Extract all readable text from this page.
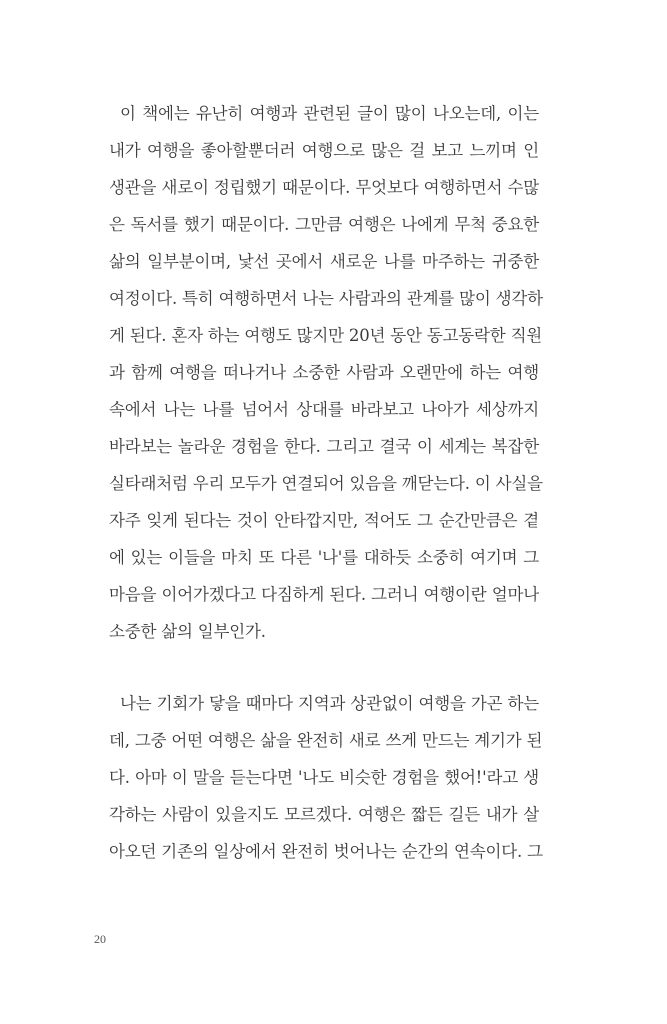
이 책에는 유난히 여행과 관련된 글이 많이 나오는데, 이는
내가 여행을 좋아할뿐더러 여행으로 많은 걸 보고 느끼며 인
생관을 새로이 정립했기 때문이다. 무엇보다 여행하면서 수많
은 독서를 했기 때문이다. 그만큼 여행은 나에게 무척 중요한
삶의 일부분이며, 낯선 곳에서 새로운 나를 마주하는 귀중한
여정이다. 특히 여행하면서 나는 사람과의 관계를 많이 생각하
게 된다. 혼자 하는 여행도 많지만 20년 동안 동고동락한 직원
과 함께 여행을 떠나거나 소중한 사람과 오랜만에 하는 여행
속에서 나는 나를 넘어서 상대를 바라보고 나아가 세상까지
바라보는 놀라운 경험을 한다. 그리고 결국 이 세계는 복잡한
실타래처럼 우리 모두가 연결되어 있음을 깨닫는다. 이 사실을
자주 잊게 된다는 것이 안타깝지만, 적어도 그 순간만큼은 곁
에 있는 이들을 마치 또 다른 '나'를 대하듯 소중히 여기며 그
마음을 이어가겠다고 다짐하게 된다. 그러니 여행이란 얼마나
소중한 삶의 일부인가.
나는 기회가 닿을 때마다 지역과 상관없이 여행을 가곤 하는
데, 그중 어떤 여행은 삶을 완전히 새로 쓰게 만드는 계기가 된
다. 아마 이 말을 듣는다면 '나도 비슷한 경험을 했어!'라고 생
각하는 사람이 있을지도 모르겠다. 여행은 짧든 길든 내가 살
아오던 기존의 일상에서 완전히 벗어나는 순간의 연속이다. 그
20
